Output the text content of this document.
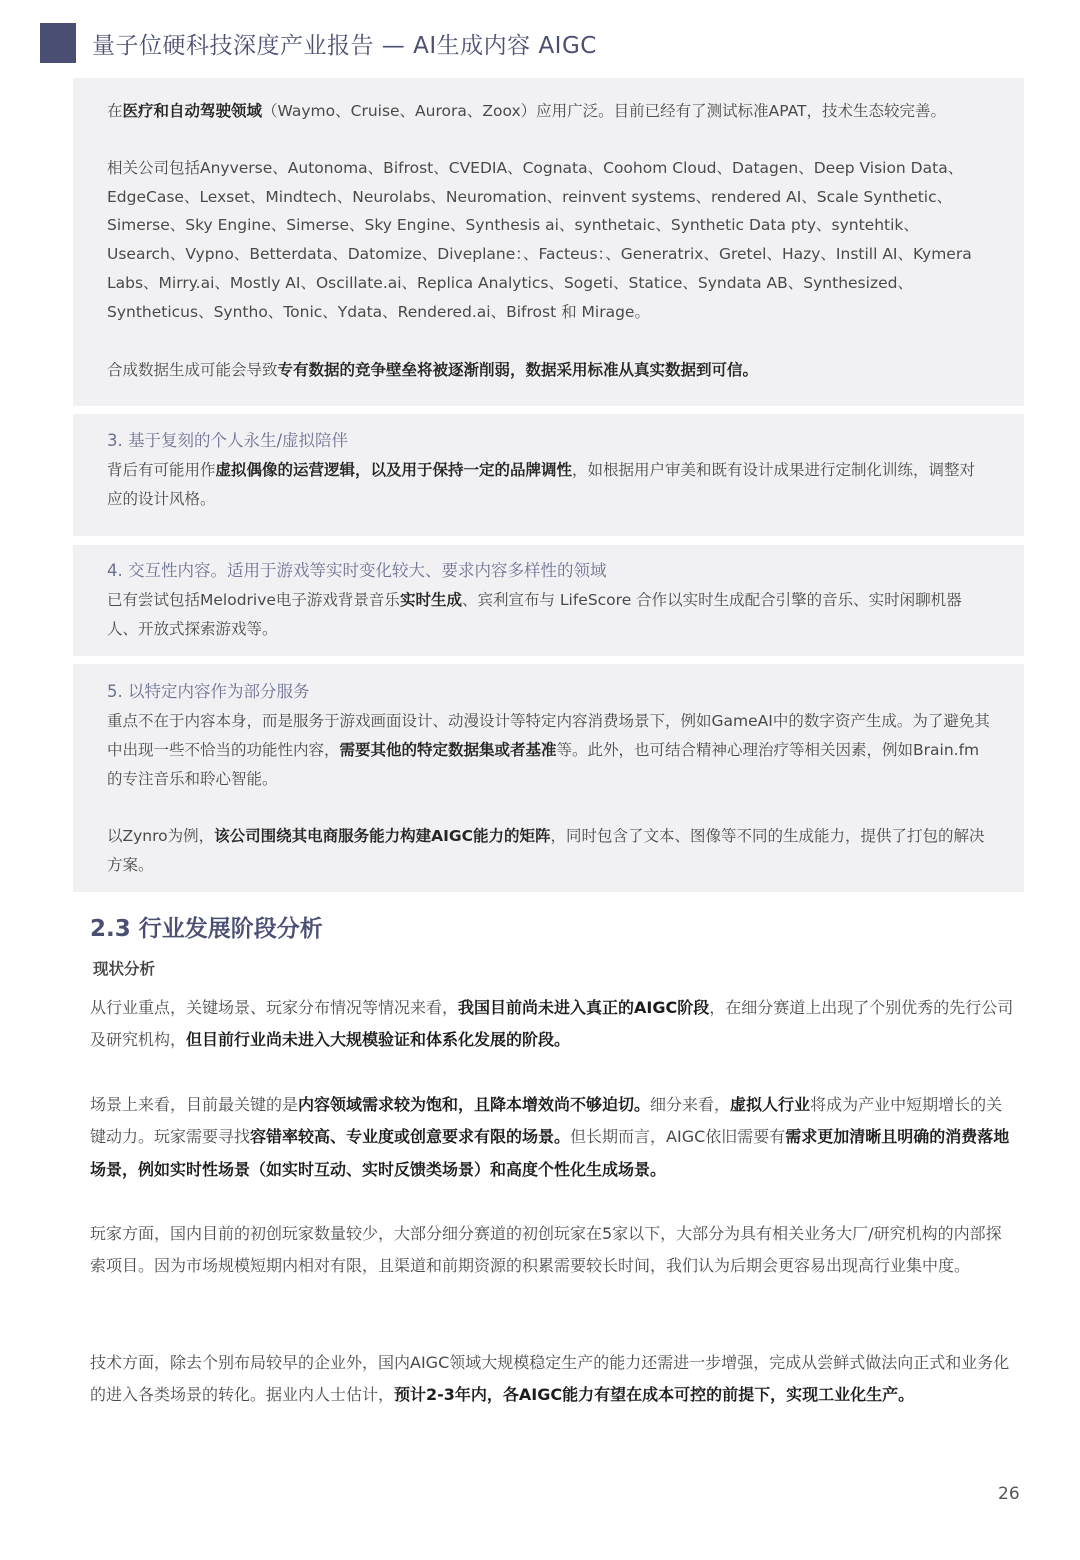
量子位硬科技深度产业报告 — AI生成内容 AIGC

在医疗和自动驾驶领域（Waymo、Cruise、Aurora、Zoox）应用广泛。目前已经有了测试标准APAT，技术生态较完善。

相关公司包括Anyverse、Autonoma、Bifrost、CVEDIA、Cognata、Coohom Cloud、Datagen、Deep Vision Data、EdgeCase、Lexset、Mindtech、Neurolabs、Neuromation、reinvent systems、rendered AI、Scale Synthetic、Simerse、Sky Engine、Simerse、Sky Engine、Synthesis ai、synthetaic、Synthetic Data pty、syntehtik、Usearch、Vypno、Betterdata、Datomize、Diveplane：、Facteus：、Generatrix、Gretel、Hazy、Instill AI、Kymera Labs、Mirry.ai、Mostly AI、Oscillate.ai、Replica Analytics、Sogeti、Statice、Syndata AB、Synthesized、Syntheticus、Syntho、Tonic、Ydata、Rendered.ai、Bifrost 和 Mirage。

合成数据生成可能会导致专有数据的竞争壁垒将被逐渐削弱，数据采用标准从真实数据到可信。

3. 基于复刻的个人永生/虚拟陪伴

背后有可能用作虚拟偶像的运营逻辑，以及用于保持一定的品牌调性，如根据用户审美和既有设计成果进行定制化训练，调整对应的设计风格。

4. 交互性内容。适用于游戏等实时变化较大、要求内容多样性的领域

已有尝试包括Melodrive电子游戏背景音乐实时生成、宾利宣布与 LifeScore 合作以实时生成配合引擎的音乐、实时闲聊机器人、开放式探索游戏等。

5. 以特定内容作为部分服务

重点不在于内容本身，而是服务于游戏画面设计、动漫设计等特定内容消费场景下，例如GameAI中的数字资产生成。为了避免其中出现一些不恰当的功能性内容，需要其他的特定数据集或者基准等。此外，也可结合精神心理治疗等相关因素，例如Brain.fm的专注音乐和聆心智能。

以Zynro为例，该公司围绕其电商服务能力构建AIGC能力的矩阵，同时包含了文本、图像等不同的生成能力，提供了打包的解决方案。

2.3 行业发展阶段分析
现状分析

从行业重点，关键场景、玩家分布情况等情况来看，我国目前尚未进入真正的AIGC阶段，在细分赛道上出现了个别优秀的先行公司及研究机构，但目前行业尚未进入大规模验证和体系化发展的阶段。

场景上来看，目前最关键的是内容领域需求较为饱和，且降本增效尚不够迫切。细分来看，虚拟人行业将成为产业中短期增长的关键动力。玩家需要寻找容错率较高、专业度或创意要求有限的场景。但长期而言，AIGC依旧需要有需求更加清晰且明确的消费落地场景，例如实时性场景（如实时互动、实时反馈类场景）和高度个性化生成场景。

玩家方面，国内目前的初创玩家数量较少，大部分细分赛道的初创玩家在5家以下，大部分为具有相关业务大厂/研究机构的内部探索项目。因为市场规模短期内相对有限，且渠道和前期资源的积累需要较长时间，我们认为后期会更容易出现高行业集中度。

技术方面，除去个别布局较早的企业外，国内AIGC领域大规模稳定生产的能力还需进一步增强，完成从尝鲜式做法向正式和业务化的进入各类场景的转化。据业内人士估计，预计2-3年内，各AIGC能力有望在成本可控的前提下，实现工业化生产。

26
